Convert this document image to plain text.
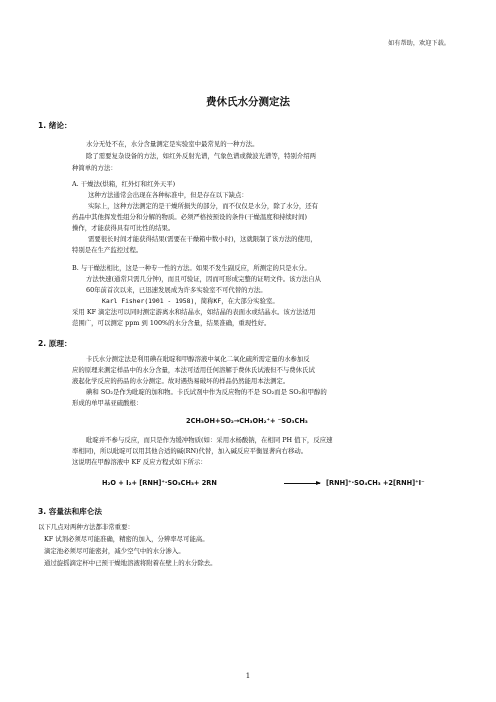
如有帮助，欢迎下载。
费休氏水分测定法
1. 绪论：
水分无处不在，水分含量测定是实验室中最常见的一种方法。
除了需要复杂设备的方法，如红外反射光谱，气象色谱或微波光谱等，特别介绍两
种简单的方法：
A. 干燥法(烘箱，红外灯和红外天平)
这种方法通常会出现在各种标准中，但是存在以下缺点：
实际上，这种方法测定的是干燥所损失的部分，而不仅仅是水分，除了水分，还有
药品中其他挥发性组分和分解的物质。必须严格按预设的条件(干燥温度和持续时间)
操作，才能获得具有可比性的结果。
需要很长时间才能获得结果(需要在干燥箱中数小时)，这就限制了该方法的使用，
特别是在生产监控过程。
B. 与干燥法相比，这是一种专一性的方法。如果不发生副反应，所测定的只是水分。
方法快速(通常只需几分钟)，而且可验证，因而可形成完整的证明文件。该方法自从
60年前首次以来，已迅速发展成为许多实验室不可代替的方法。
Karl Fisher(1901 - 1958)，简称KF，在大部分实验室。
采用 KF 滴定法可以同时测定游离水和结晶水，如结晶的表面水或结晶水。该方法适用
范围广，可以测定 ppm 到 100%的水分含量，结果准确，重现性好。
2. 原理：
卡氏水分测定法是利用碘在吡啶和甲醇溶液中氧化二氧化硫所需定量的水参加反
应的原理来测定样品中的水分含量，本法可适用任何溶解于费休氏试液但不与费休氏试
液起化学反应的药品的水分测定。故对遇热易破坏的样品仍然能用本法测定。
碘和 SO₂是作为吡啶的加和物。卡氏试剂中作为反应物的不是 SO₂而是 SO₂和甲醇的
形成的单甲基亚硫酸根：
2CH₃OH+SO₂→CH₃OH₂⁺+ ⁻SO₃CH₃
吡啶并不参与反应，而只是作为缓冲物质(如：采用水杨酸钠，在相同 PH 值下，反应速
率相同)，所以吡啶可以用其他合适的碱(RN)代替，加入碱反应平衡显著向右移动。
这说明在甲醇溶液中 KF 反应方程式如下所示：
H₂O + I₂+ [RNH]⁺·SO₃CH₃+ 2RN	→ [RNH]⁺·SO₄CH₃ +2[RNH]⁺I⁻
3. 容量法和库仑法
以下几点对两种方法都非常重要：
KF 试剂必须尽可能准确，精密的加入，分辨率尽可能高。
滴定池必须尽可能密封，减少空气中的水分渗入。
通过旋摇滴定杯中已预干燥地溶液将附着在壁上的水分除去。
1
